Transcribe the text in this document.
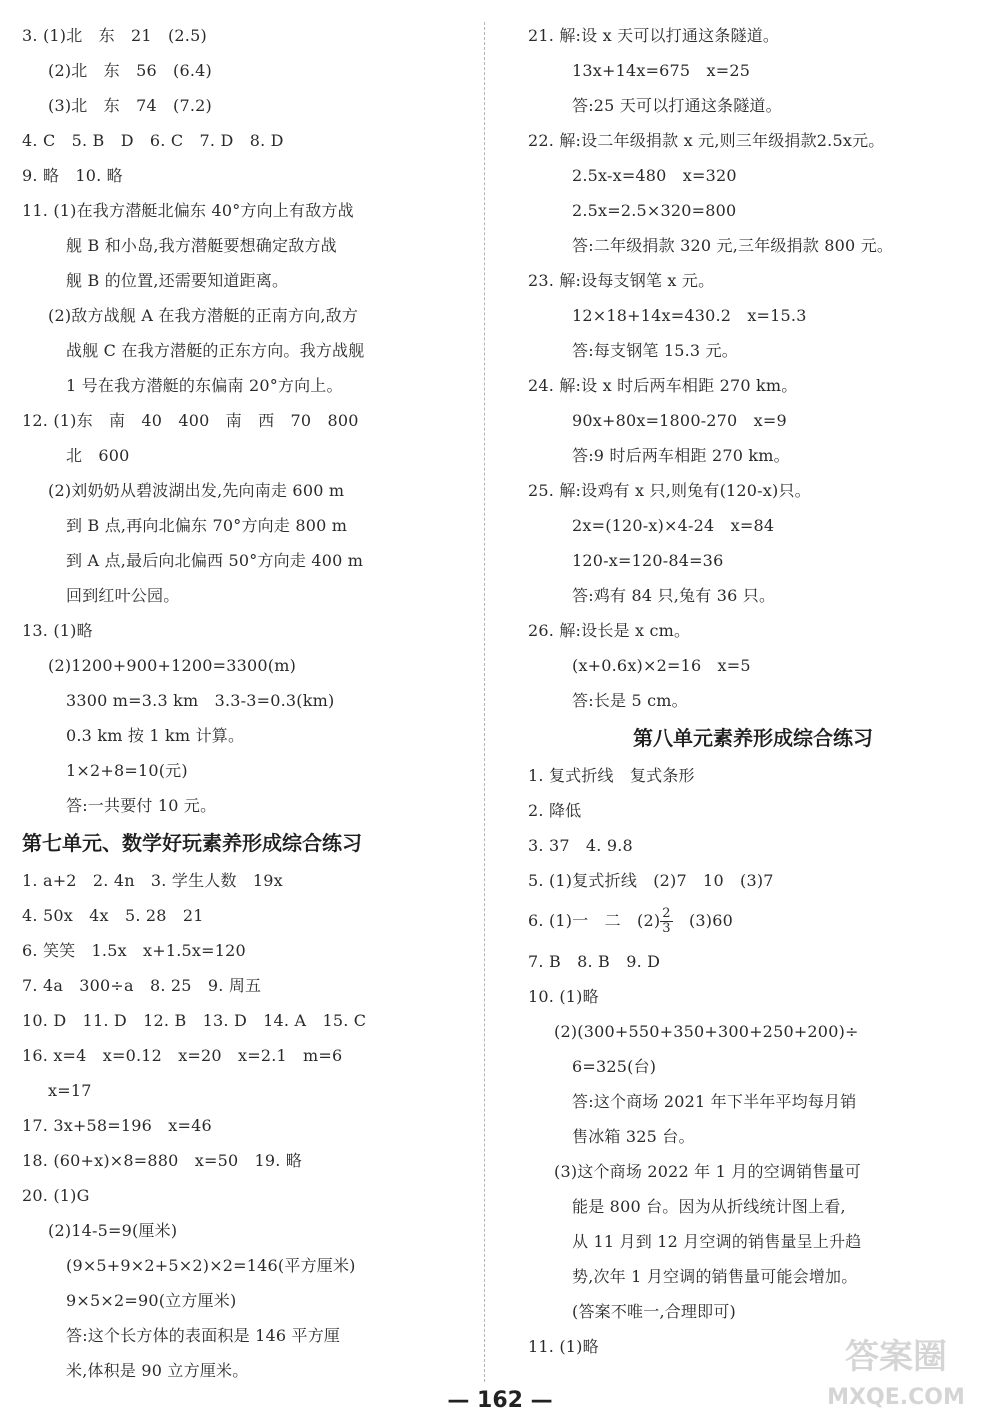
3. (1)北　东　21　(2.5)
(2)北　东　56　(6.4)
(3)北　东　74　(7.2)
4. C　5. B　D　6. C　7. D　8. D
9. 略　10. 略
11. (1)在我方潜艇北偏东 40°方向上有敌方战
舰 B 和小岛,我方潜艇要想确定敌方战
舰 B 的位置,还需要知道距离。
(2)敌方战舰 A 在我方潜艇的正南方向,敌方
战舰 C 在我方潜艇的正东方向。我方战舰
1 号在我方潜艇的东偏南 20°方向上。
12. (1)东　南　40　400　南　西　70　800
北　600
(2)刘奶奶从碧波湖出发,先向南走 600 m
到 B 点,再向北偏东 70°方向走 800 m
到 A 点,最后向北偏西 50°方向走 400 m
回到红叶公园。
13. (1)略
(2)1200+900+1200=3300(m)
3300 m=3.3 km　3.3-3=0.3(km)
0.3 km 按 1 km 计算。
1×2+8=10(元)
答:一共要付 10 元。
第七单元、数学好玩素养形成综合练习
1. a+2　2. 4n　3. 学生人数　19x
4. 50x　4x　5. 28　21
6. 笑笑　1.5x　x+1.5x=120
7. 4a　300÷a　8. 25　9. 周五
10. D　11. D　12. B　13. D　14. A　15. C
16. x=4　x=0.12　x=20　x=2.1　m=6
x=17
17. 3x+58=196　x=46
18. (60+x)×8=880　x=50　19. 略
20. (1)G
(2)14-5=9(厘米)
(9×5+9×2+5×2)×2=146(平方厘米)
9×5×2=90(立方厘米)
答:这个长方体的表面积是 146 平方厘
米,体积是 90 立方厘米。
21. 解:设 x 天可以打通这条隧道。
13x+14x=675　x=25
答:25 天可以打通这条隧道。
22. 解:设二年级捐款 x 元,则三年级捐款2.5x元。
2.5x-x=480　x=320
2.5x=2.5×320=800
答:二年级捐款 320 元,三年级捐款 800 元。
23. 解:设每支钢笔 x 元。
12×18+14x=430.2　x=15.3
答:每支钢笔 15.3 元。
24. 解:设 x 时后两车相距 270 km。
90x+80x=1800-270　x=9
答:9 时后两车相距 270 km。
25. 解:设鸡有 x 只,则兔有(120-x)只。
2x=(120-x)×4-24　x=84
120-x=120-84=36
答:鸡有 84 只,兔有 36 只。
26. 解:设长是 x cm。
(x+0.6x)×2=16　x=5
答:长是 5 cm。
第八单元素养形成综合练习
1. 复式折线　复式条形
2. 降低
3. 37　4. 9.8
5. (1)复式折线　(2)7　10　(3)7
6. (1)一　二　$(2) \frac{2}{3}$ 　(3)60
7. B　8. B　9. D
10. (1)略
(2)(300+550+350+300+250+200)÷
6=325(台)
答:这个商场 2021 年下半年平均每月销
售冰箱 325 台。
(3)这个商场 2022 年 1 月的空调销售量可
能是 800 台。因为从折线统计图上看,
从 11 月到 12 月空调的销售量呈上升趋
势,次年 1 月空调的销售量可能会增加。
(答案不唯一,合理即可)
11. (1)略
— 162 —
答案圈
MXQE.COM
